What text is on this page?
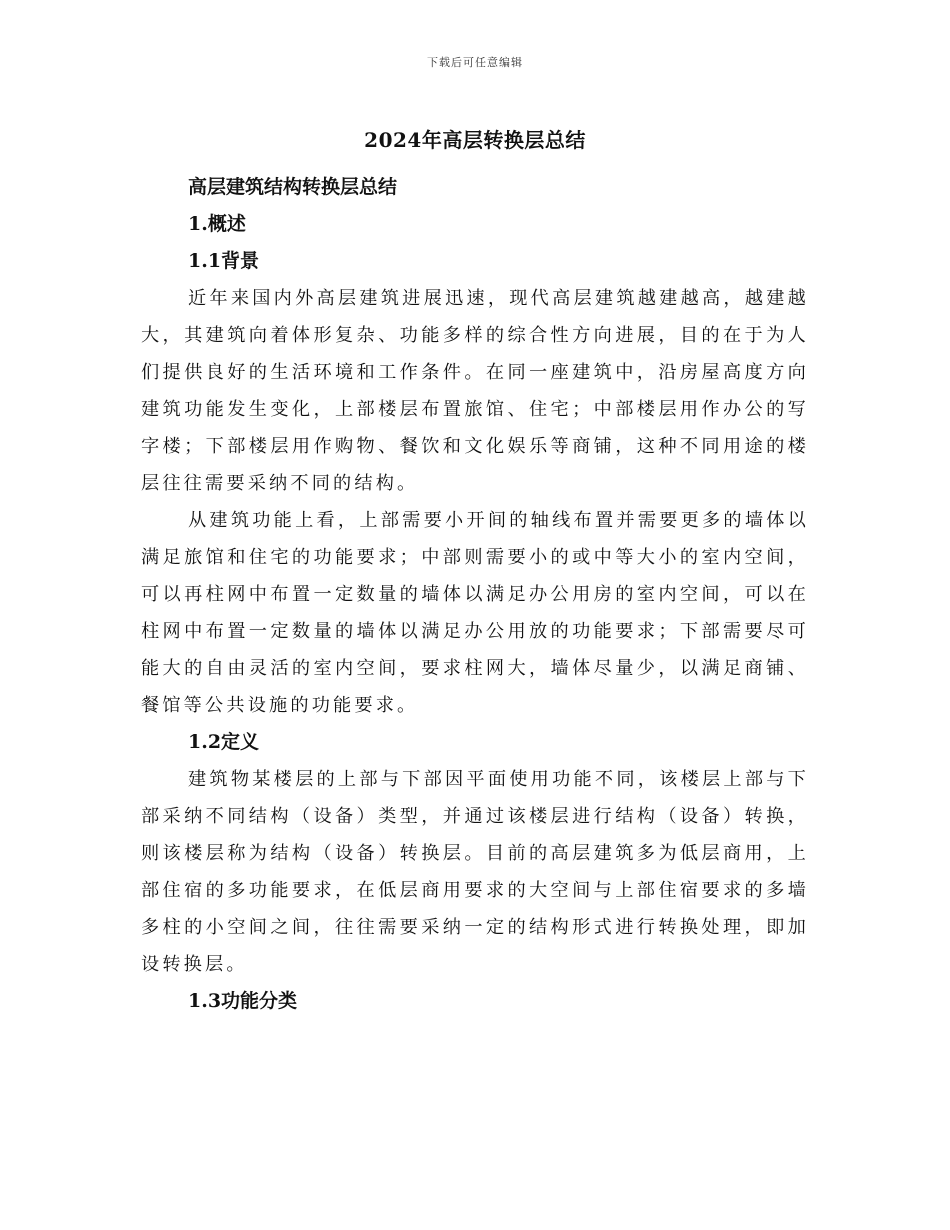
下载后可任意编辑
2024年高层转换层总结
高层建筑结构转换层总结
1.概述
1.1背景

近年来国内外高层建筑进展迅速，现代高层建筑越建越高，越建越大，其建筑向着体形复杂、功能多样的综合性方向进展，目的在于为人们提供良好的生活环境和工作条件。在同一座建筑中，沿房屋高度方向建筑功能发生变化，上部楼层布置旅馆、住宅；中部楼层用作办公的写字楼；下部楼层用作购物、餐饮和文化娱乐等商铺，这种不同用途的楼层往往需要采纳不同的结构。

从建筑功能上看，上部需要小开间的轴线布置并需要更多的墙体以满足旅馆和住宅的功能要求；中部则需要小的或中等大小的室内空间，可以再柱网中布置一定数量的墙体以满足办公用房的室内空间，可以在柱网中布置一定数量的墙体以满足办公用放的功能要求；下部需要尽可能大的自由灵活的室内空间，要求柱网大，墙体尽量少，以满足商铺、餐馆等公共设施的功能要求。

1.2定义

建筑物某楼层的上部与下部因平面使用功能不同，该楼层上部与下部采纳不同结构（设备）类型，并通过该楼层进行结构（设备）转换，则该楼层称为结构（设备）转换层。目前的高层建筑多为低层商用，上部住宿的多功能要求，在低层商用要求的大空间与上部住宿要求的多墙多柱的小空间之间，往往需要采纳一定的结构形式进行转换处理，即加设转换层。

1.3功能分类
